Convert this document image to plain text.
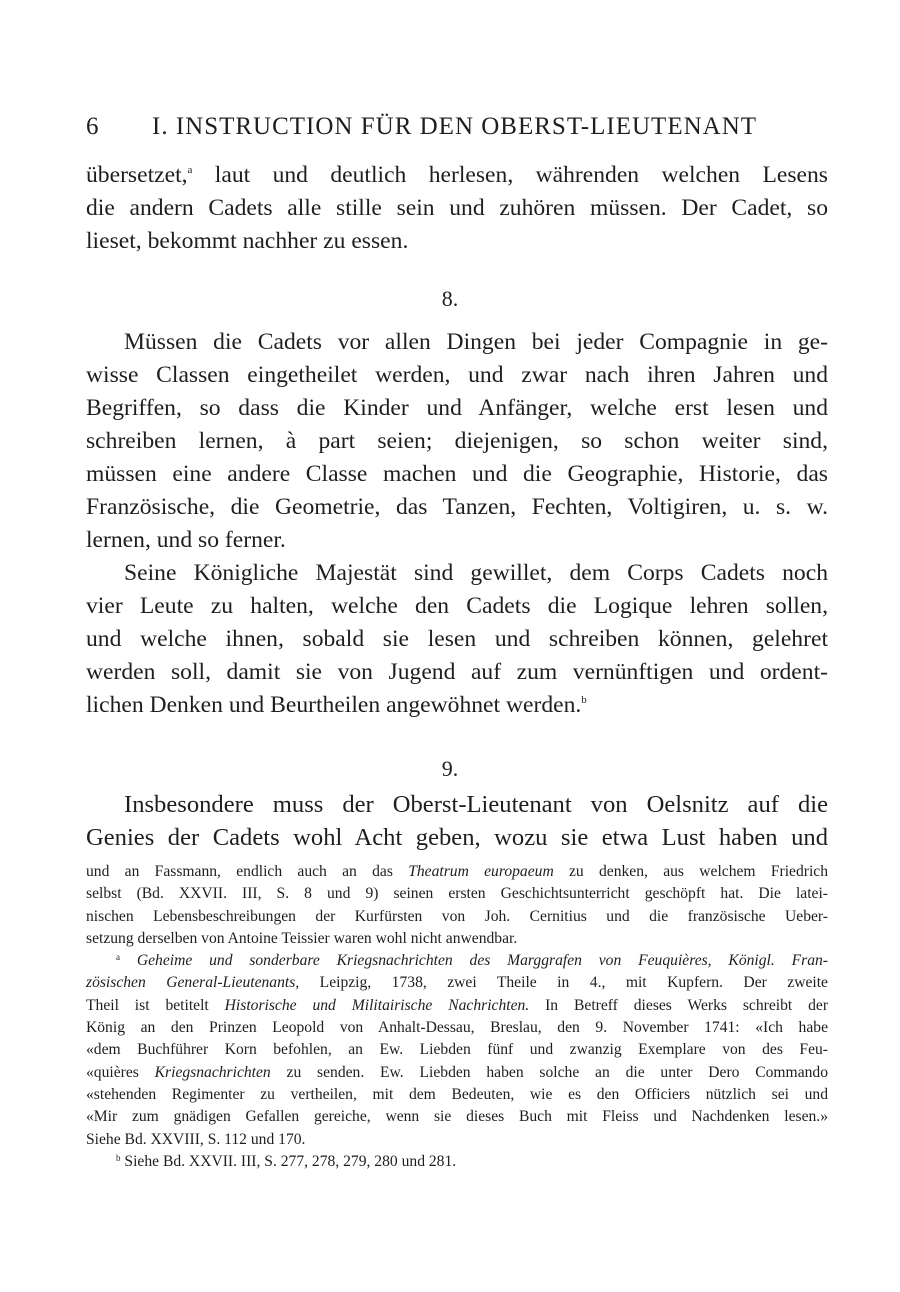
6 I. INSTRUCTION FÜR DEN OBERST-LIEUTENANT
übersetzet,$^a$ laut und deutlich herlesen, währenden welchen Lesens
die andern Cadets alle stille sein und zuhören müssen. Der Cadet, so
lieset, bekommt nachher zu essen.
8.
Müssen die Cadets vor allen Dingen bei jeder Compagnie in ge-
wisse Classen eingetheilet werden, und zwar nach ihren Jahren und
Begriffen, so dass die Kinder und Anfänger, welche erst lesen und
schreiben lernen, à part seien; diejenigen, so schon weiter sind,
müssen eine andere Classe machen und die Geographie, Historie, das
Französische, die Geometrie, das Tanzen, Fechten, Voltigiren, u. s. w.
lernen, und so ferner.
Seine Königliche Majestät sind gewillet, dem Corps Cadets noch
vier Leute zu halten, welche den Cadets die Logique lehren sollen,
und welche ihnen, sobald sie lesen und schreiben können, gelehret
werden soll, damit sie von Jugend auf zum vernünftigen und ordent-
lichen Denken und Beurtheilen angewöhnet werden.$^b$
9.
Insbesondere muss der Oberst-Lieutenant von Oelsnitz auf die
Genies der Cadets wohl Acht geben, wozu sie etwa Lust haben und
und an Fassmann, endlich auch an das Theatrum europaeum zu denken, aus welchem Friedrich
selbst (Bd. XXVII. III, S. 8 und 9) seinen ersten Geschichtsunterricht geschöpft hat. Die latei-
nischen Lebensbeschreibungen der Kurfürsten von Joh. Cernitius und die französische Ueber-
setzung derselben von Antoine Teissier waren wohl nicht anwendbar.
$^a$ Geheime und sonderbare Kriegsnachrichten des Marggrafen von Feuquières, Königl. Fran-
zösischen General-Lieutenants, Leipzig, 1738, zwei Theile in 4., mit Kupfern. Der zweite
Theil ist betitelt Historische und Militairische Nachrichten. In Betreff dieses Werks schreibt der
König an den Prinzen Leopold von Anhalt-Dessau, Breslau, den 9. November 1741: «Ich habe
«dem Buchführer Korn befohlen, an Ew. Liebden fünf und zwanzig Exemplare von des Feu-
«quières Kriegsnachrichten zu senden. Ew. Liebden haben solche an die unter Dero Commando
«stehenden Regimenter zu vertheilen, mit dem Bedeuten, wie es den Officiers nützlich sei und
«Mir zum gnädigen Gefallen gereiche, wenn sie dieses Buch mit Fleiss und Nachdenken lesen.»
Siehe Bd. XXVIII, S. 112 und 170.
$^b$ Siehe Bd. XXVII. III, S. 277, 278, 279, 280 und 281.
